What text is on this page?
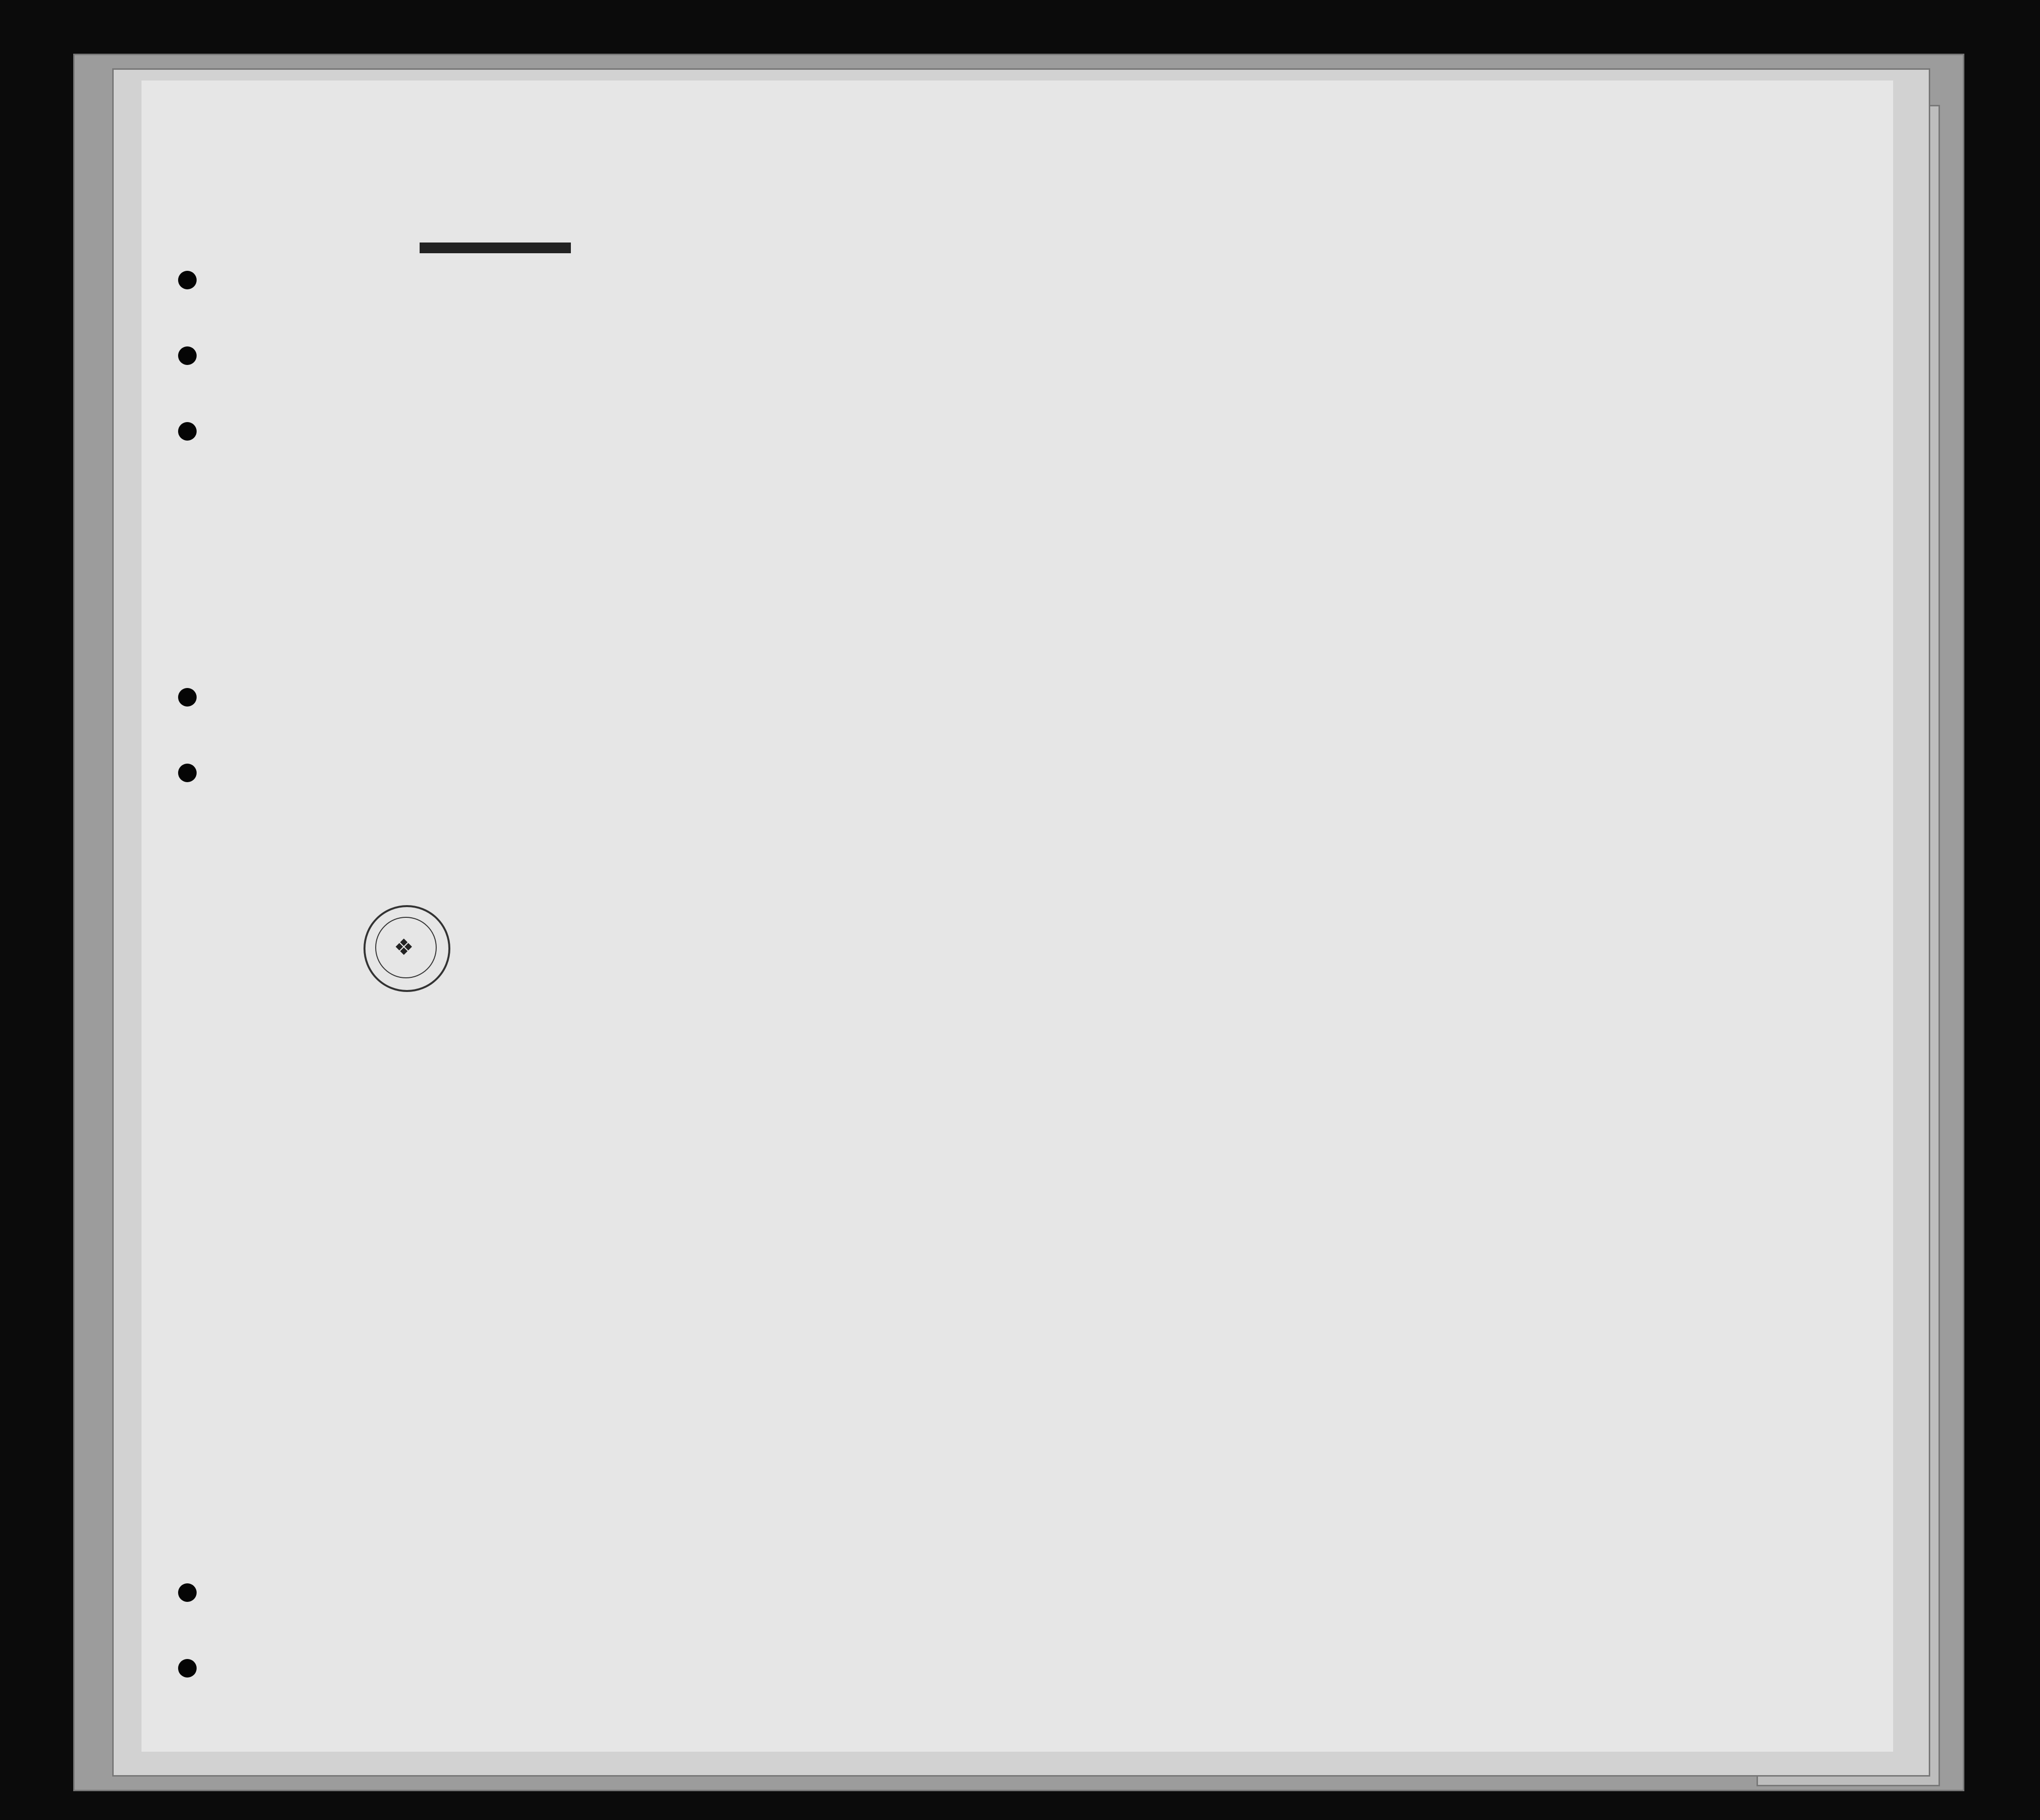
❖
